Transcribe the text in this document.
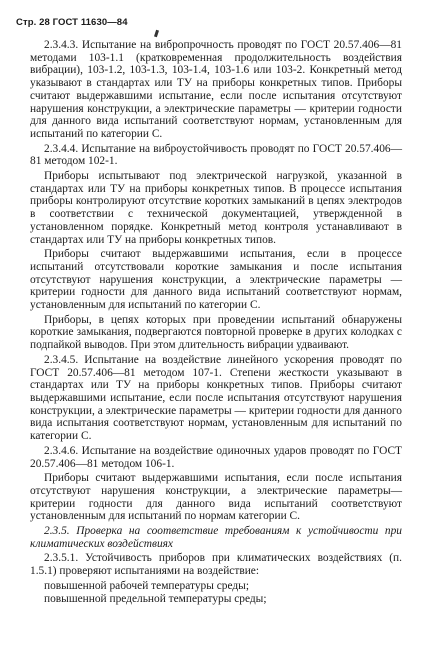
Стр. 28 ГОСТ 11630—84

2.3.4.3. Испытание на вибропрочность проводят по ГОСТ 20.57.406—81 методами 103-1.1 (кратковременная продолжительность воздействия вибрации), 103-1.2, 103-1.3, 103-1.4, 103-1.6 или 103-2. Конкретный метод указывают в стандартах или ТУ на приборы конкретных типов. Приборы считают выдержавшими испытание, если после испытания отсутствуют нарушения конструкции, а электрические параметры — критерии годности для данного вида испытаний соответствуют нормам, установленным для испытаний по категории С.

2.3.4.4. Испытание на виброустойчивость проводят по ГОСТ 20.57.406—81 методом 102-1.

Приборы испытывают под электрической нагрузкой, указанной в стандартах или ТУ на приборы конкретных типов. В процессе испытания приборы контролируют отсутствие коротких замыканий в цепях электродов в соответствии с технической документацией, утвержденной в установленном порядке. Конкретный метод контроля устанавливают в стандартах или ТУ на приборы конкретных типов.

Приборы считают выдержавшими испытания, если в процессе испытаний отсутствовали короткие замыкания и после испытания отсутствуют нарушения конструкции, а электрические параметры — критерии годности для данного вида испытаний соответствуют нормам, установленным для испытаний по категории С.

Приборы, в цепях которых при проведении испытаний обнаружены короткие замыкания, подвергаются повторной проверке в других колодках с подпайкой выводов. При этом длительность вибрации удваивают.

2.3.4.5. Испытание на воздействие линейного ускорения проводят по ГОСТ 20.57.406—81 методом 107-1. Степени жесткости указывают в стандартах или ТУ на приборы конкретных типов. Приборы считают выдержавшими испытание, если после испытания отсутствуют нарушения конструкции, а электрические параметры — критерии годности для данного вида испытания соответствуют нормам, установленным для испытаний по категории С.

2.3.4.6. Испытание на воздействие одиночных ударов проводят по ГОСТ 20.57.406—81 методом 106-1.

Приборы считают выдержавшими испытания, если после испытания отсутствуют нарушения конструкции, а электрические параметры—критерии годности для данного вида испытаний соответствуют установленным для испытаний по нормам категории С.

2.3.5. Проверка на соответствие требованиям к устойчивости при климатических воздействиях

2.3.5.1. Устойчивость приборов при климатических воздействиях (п. 1.5.1) проверяют испытаниями на воздействие:

повышенной рабочей температуры среды;

повышенной предельной температуры среды;
